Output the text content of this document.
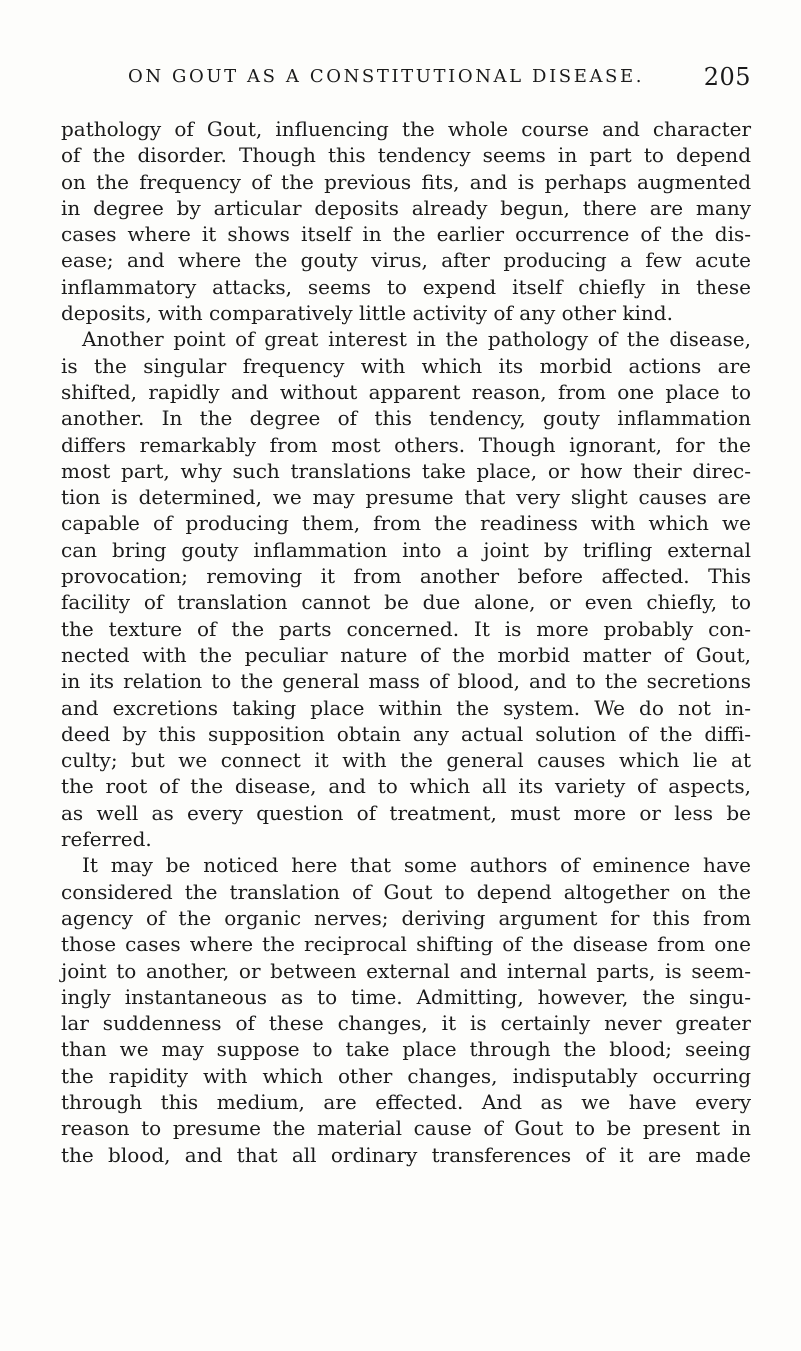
ON GOUT AS A CONSTITUTIONAL DISEASE. 205
pathology of Gout, influencing the whole course and character
of the disorder. Though this tendency seems in part to depend
on the frequency of the previous fits, and is perhaps augmented
in degree by articular deposits already begun, there are many
cases where it shows itself in the earlier occurrence of the dis-
ease; and where the gouty virus, after producing a few acute
inflammatory attacks, seems to expend itself chiefly in these
deposits, with comparatively little activity of any other kind.
Another point of great interest in the pathology of the disease,
is the singular frequency with which its morbid actions are
shifted, rapidly and without apparent reason, from one place to
another. In the degree of this tendency, gouty inflammation
differs remarkably from most others. Though ignorant, for the
most part, why such translations take place, or how their direc-
tion is determined, we may presume that very slight causes are
capable of producing them, from the readiness with which we
can bring gouty inflammation into a joint by trifling external
provocation; removing it from another before affected. This
facility of translation cannot be due alone, or even chiefly, to
the texture of the parts concerned. It is more probably con-
nected with the peculiar nature of the morbid matter of Gout,
in its relation to the general mass of blood, and to the secretions
and excretions taking place within the system. We do not in-
deed by this supposition obtain any actual solution of the diffi-
culty; but we connect it with the general causes which lie at
the root of the disease, and to which all its variety of aspects,
as well as every question of treatment, must more or less be
referred.
It may be noticed here that some authors of eminence have
considered the translation of Gout to depend altogether on the
agency of the organic nerves; deriving argument for this from
those cases where the reciprocal shifting of the disease from one
joint to another, or between external and internal parts, is seem-
ingly instantaneous as to time. Admitting, however, the singu-
lar suddenness of these changes, it is certainly never greater
than we may suppose to take place through the blood; seeing
the rapidity with which other changes, indisputably occurring
through this medium, are effected. And as we have every
reason to presume the material cause of Gout to be present in
the blood, and that all ordinary transferences of it are made
